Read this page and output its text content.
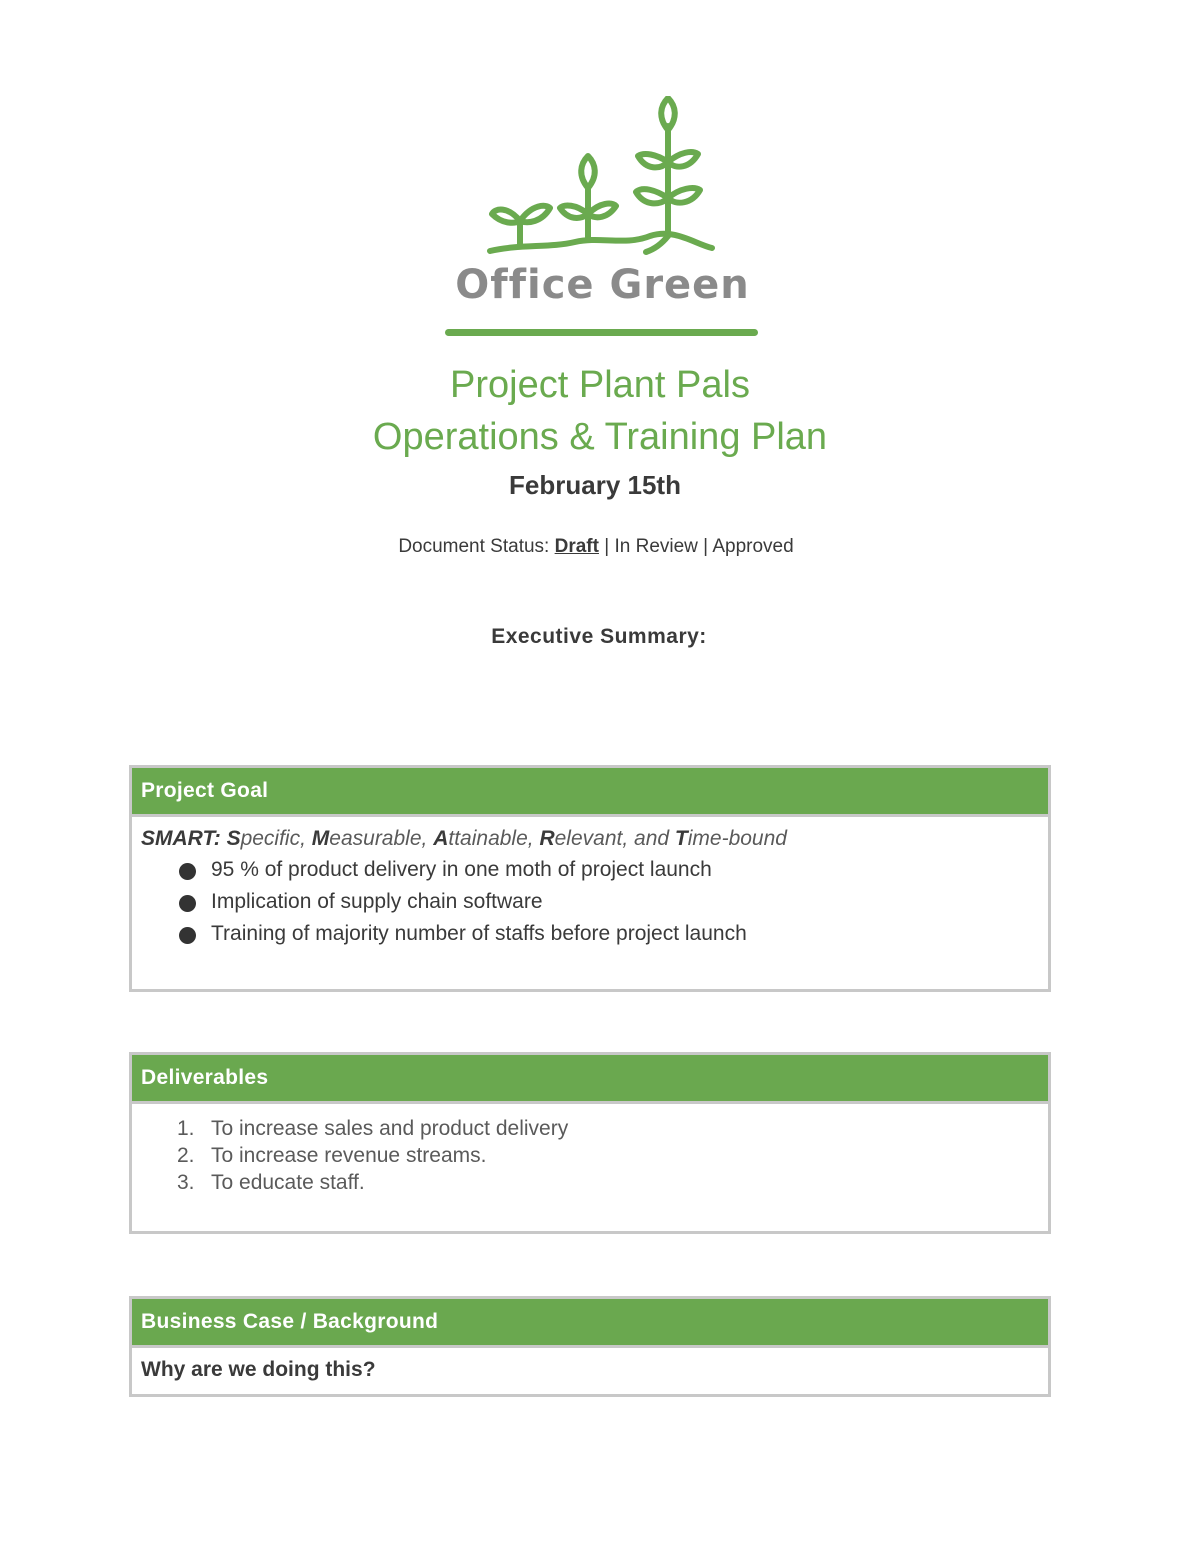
Office Green
Project Plant Pals
Operations & Training Plan
February 15th
Document Status: Draft | In Review | Approved
Executive Summary:
Project Goal
SMART: Specific, Measurable, Attainable, Relevant, and Time-bound
95 % of product delivery in one moth of project launch
Implication of supply chain software
Training of majority number of staffs before project launch
Deliverables
1. To increase sales and product delivery
2. To increase revenue streams.
3. To educate staff.
Business Case / Background
Why are we doing this?
